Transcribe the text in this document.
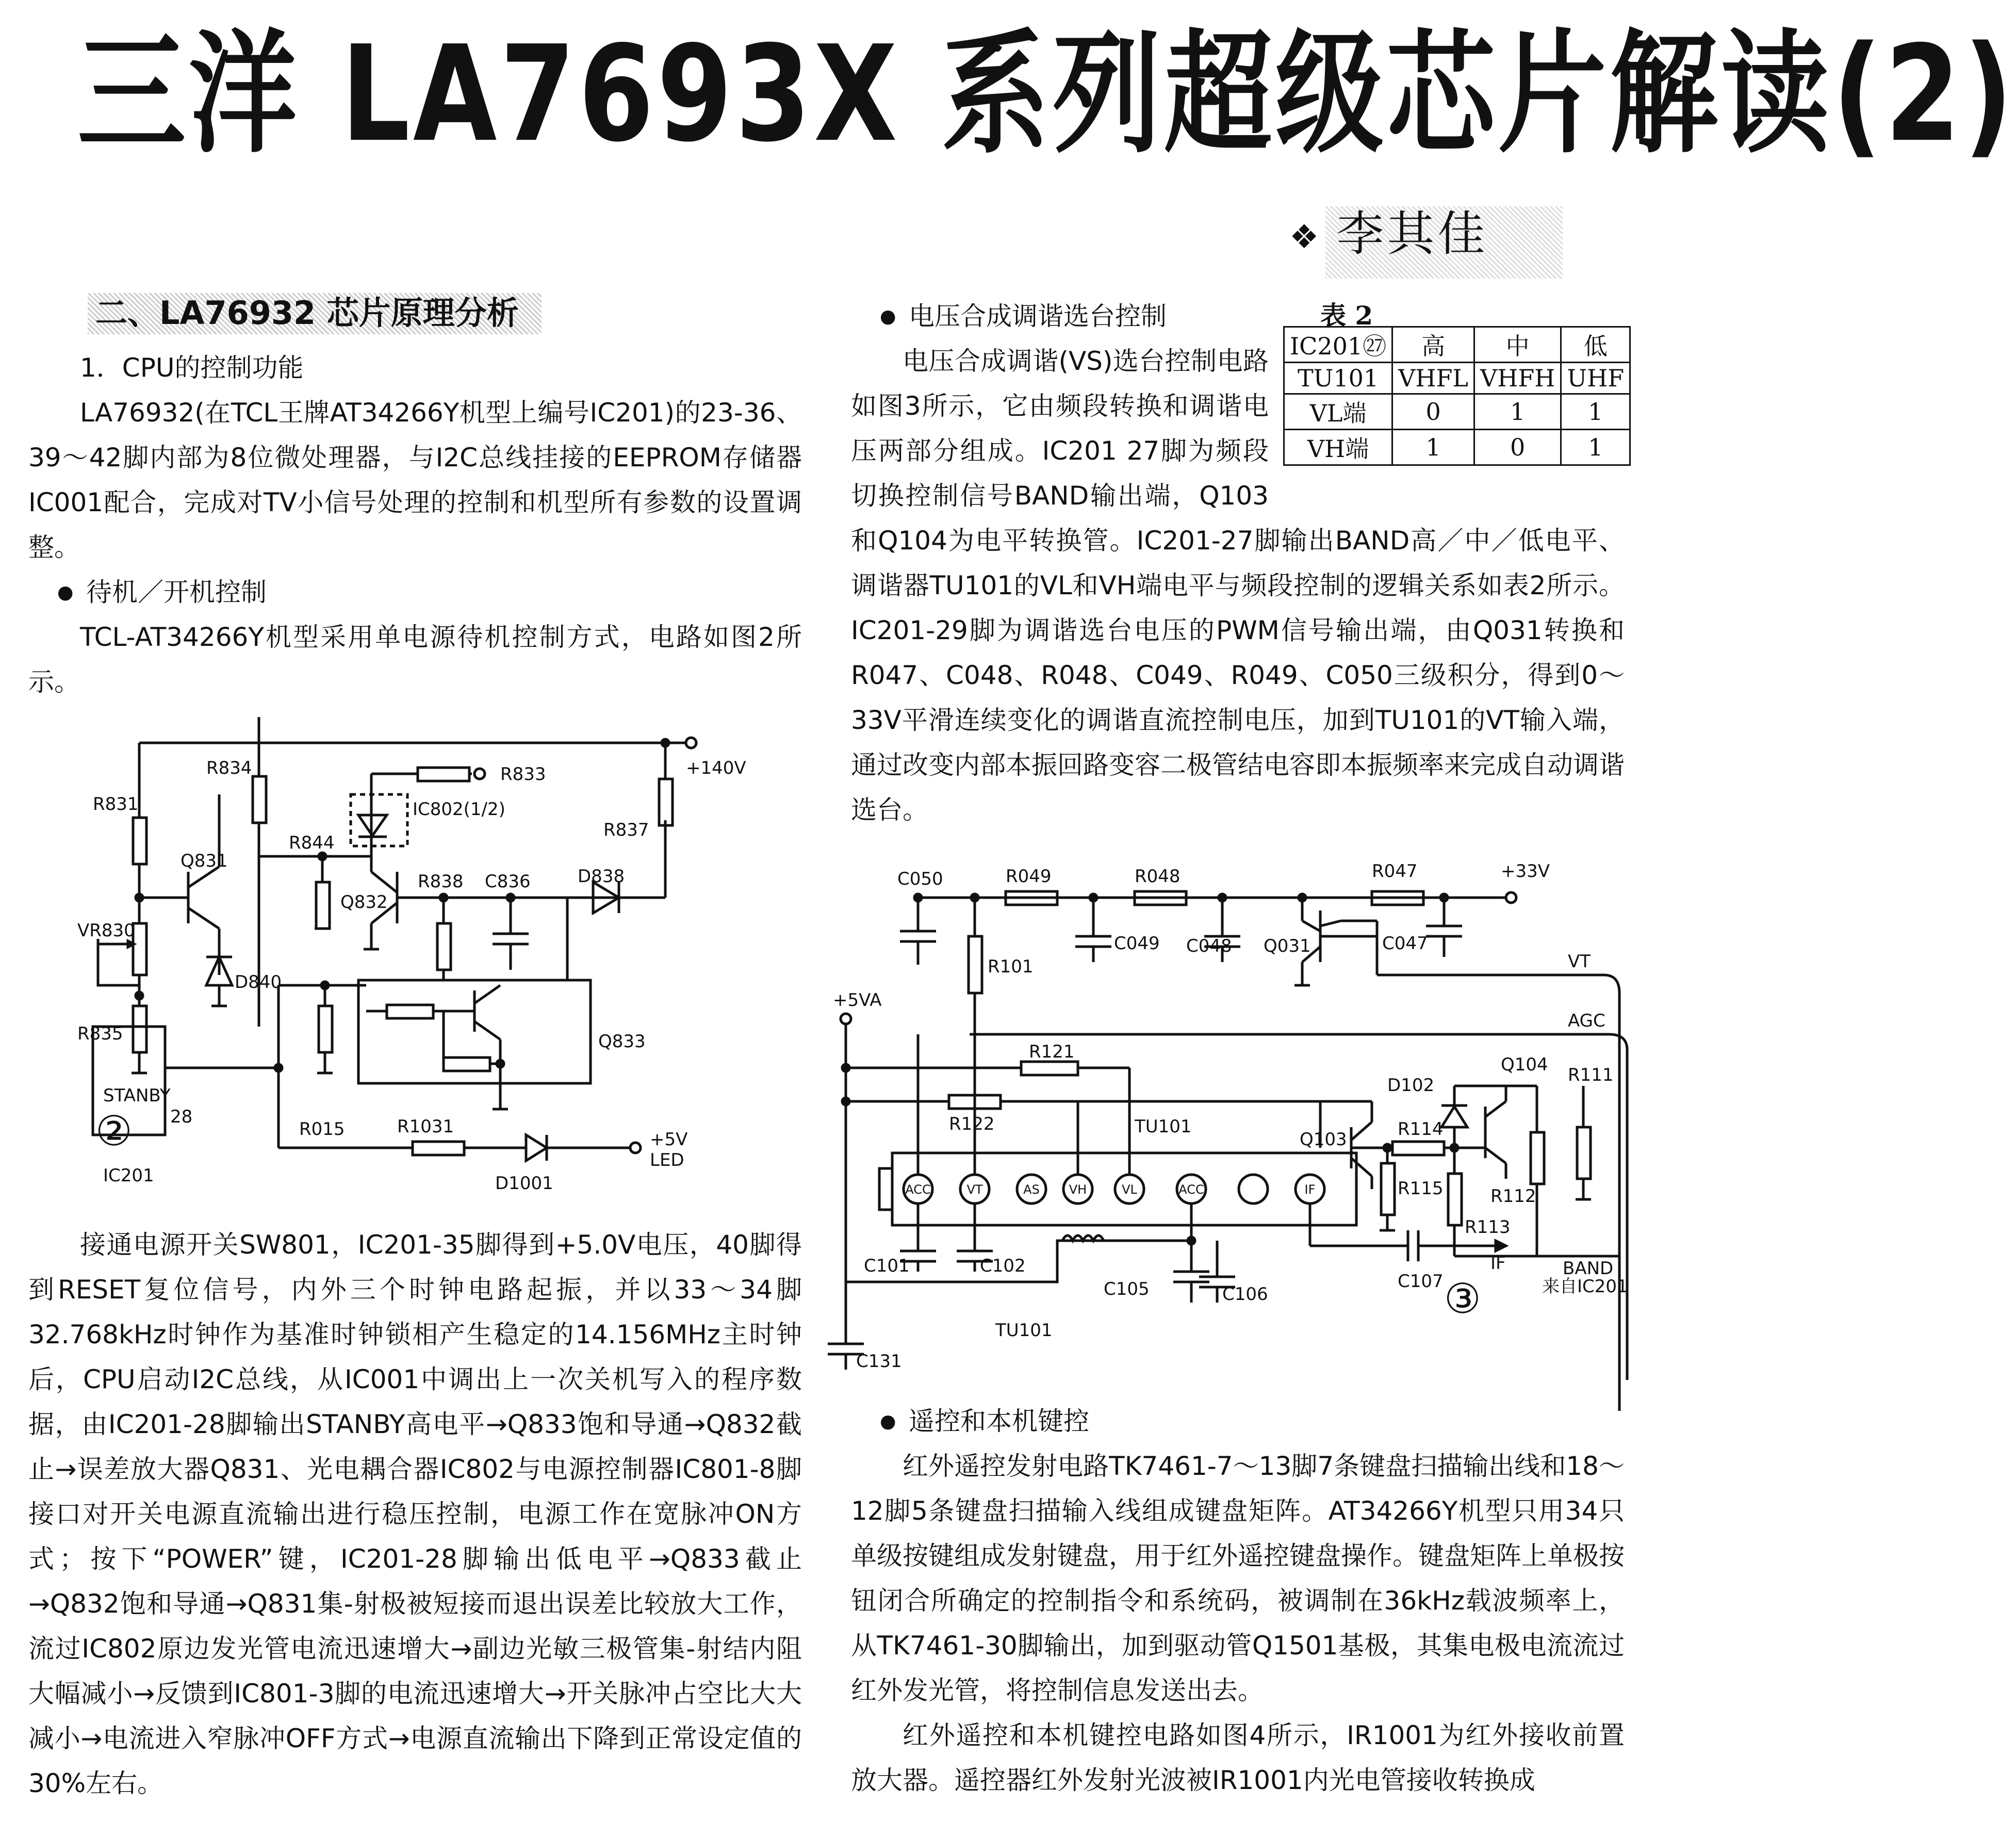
三洋 LA7693X 系列超级芯片解读(2)
❖ 李其佳
二、LA76932 芯片原理分析

1．CPU的控制功能

LA76932(在TCL王牌AT34266Y机型上编号IC201)的23-36、39～42脚内部为8位微处理器，与I2C总线挂接的EEPROM存储器IC001配合，完成对TV小信号处理的控制和机型所有参数的设置调整。

● 待机／开机控制

TCL-AT34266Y机型采用单电源待机控制方式，电路如图2所示。

R831
R834	R833
IC802(1/2)
+140V
R837
R844
Q831
Q832
R838 C836	D838
VR830
D840
R835	Q833
STANBY
28
IC201
R015	R1031
D1001
+5V
LED
②

接通电源开关SW801，IC201-35脚得到+5.0V电压，40脚得到RESET复位信号，内外三个时钟电路起振，并以33～34脚32.768kHz时钟作为基准时钟锁相产生稳定的14.156MHz主时钟后，CPU启动I2C总线，从IC001中调出上一次关机写入的程序数据，由IC201-28脚输出STANBY高电平→Q833饱和导通→Q832截止→误差放大器Q831、光电耦合器IC802与电源控制器IC801-8脚接口对开关电源直流输出进行稳压控制，电源工作在宽脉冲ON方式；按下“POWER”键，IC201-28脚输出低电平→Q833截止→Q832饱和导通→Q831集-射极被短接而退出误差比较放大工作，流过IC802原边发光管电流迅速增大→副边光敏三极管集-射结内阻大幅减小→反馈到IC801-3脚的电流迅速增大→开关脉冲占空比大大减小→电流进入窄脉冲OFF方式→电源直流输出下降到正常设定值的30%左右。

● 电压合成调谐选台控制

电压合成调谐(VS)选台控制电路如图3所示，它由频段转换和调谐电压两部分组成。IC201 27脚为频段切换控制信号BAND输出端，Q103和Q104为电平转换管。IC201-27脚输出BAND高／中／低电平、调谐器TU101的VL和VH端电平与频段控制的逻辑关系如表2所示。IC201-29脚为调谐选台电压的PWM信号输出端，由Q031转换和R047、C048、R048、C049、R049、C050三级积分，得到0～33V平滑连续变化的调谐直流控制电压，加到TU101的VT输入端，通过改变内部本振回路变容二极管结电容即本振频率来完成自动调谐选台。

表 2
IC201㉗	高	中	低
TU101	VHFL	VHFH	UHF
VL端	0	1	1
VH端	1	0	1
C050	R049	R048	R047	+33V
C049 C048 Q031	C047
R101	VT
AGC
+5VA
R121
Q104 R111
D102
R122	TU101
Q103	R114
R115	R112
R113
C101	C102
C105	C106
C107
IF	BAND
来自IC201
TU101
C131
③
ACC	VT	AS VH	VL	ACC	IF

● 遥控和本机键控

红外遥控发射电路TK7461-7～13脚7条键盘扫描输出线和18～12脚5条键盘扫描输入线组成键盘矩阵。AT34266Y机型只用34只单级按键组成发射键盘，用于红外遥控键盘操作。键盘矩阵上单极按钮闭合所确定的控制指令和系统码，被调制在36kHz载波频率上，从TK7461-30脚输出，加到驱动管Q1501基极，其集电极电流流过红外发光管，将控制信息发送出去。

红外遥控和本机键控电路如图4所示，IR1001为红外接收前置放大器。遥控器红外发射光波被IR1001内光电管接收转换成
